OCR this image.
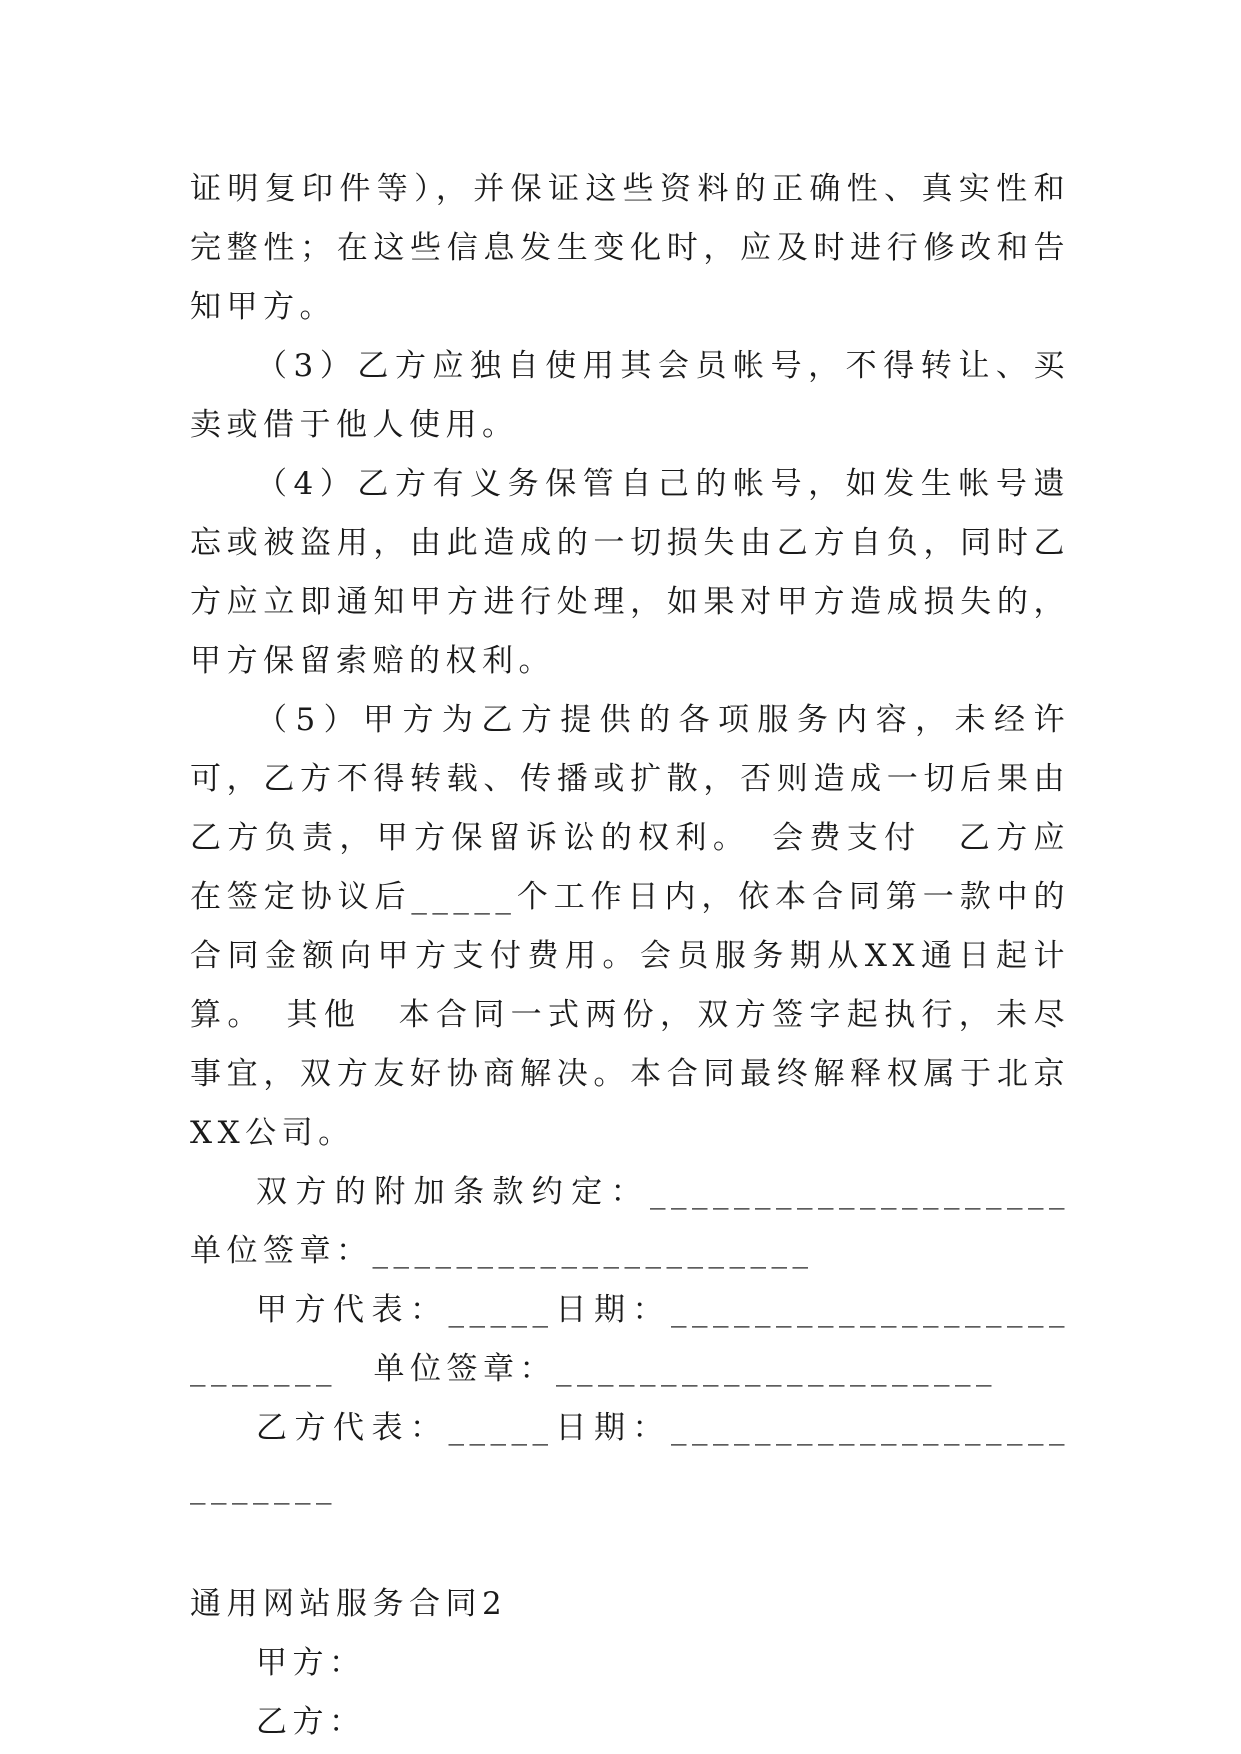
证明复印件等），并保证这些资料的正确性、真实性和完整性；在这些信息发生变化时，应及时进行修改和告知甲方。

（3）乙方应独自使用其会员帐号，不得转让、买卖或借于他人使用。

（4）乙方有义务保管自己的帐号，如发生帐号遗忘或被盗用，由此造成的一切损失由乙方自负，同时乙方应立即通知甲方进行处理，如果对甲方造成损失的，甲方保留索赔的权利。

（5）甲方为乙方提供的各项服务内容，未经许可，乙方不得转载、传播或扩散，否则造成一切后果由乙方负责，甲方保留诉讼的权利。　会费支付　乙方应在签定协议后_____个工作日内，依本合同第一款中的合同金额向甲方支付费用。会员服务期从XX通日起计算。　其他　本合同一式两份，双方签字起执行，未尽事宜，双方友好协商解决。本合同最终解释权属于北京XX公司。

双方的附加条款约定：____________________　单位签章：_____________________

甲方代表：_____日期：__________________________　单位签章：_____________________

乙方代表：_____日期：__________________________

通用网站服务合同2

甲方：

乙方：
